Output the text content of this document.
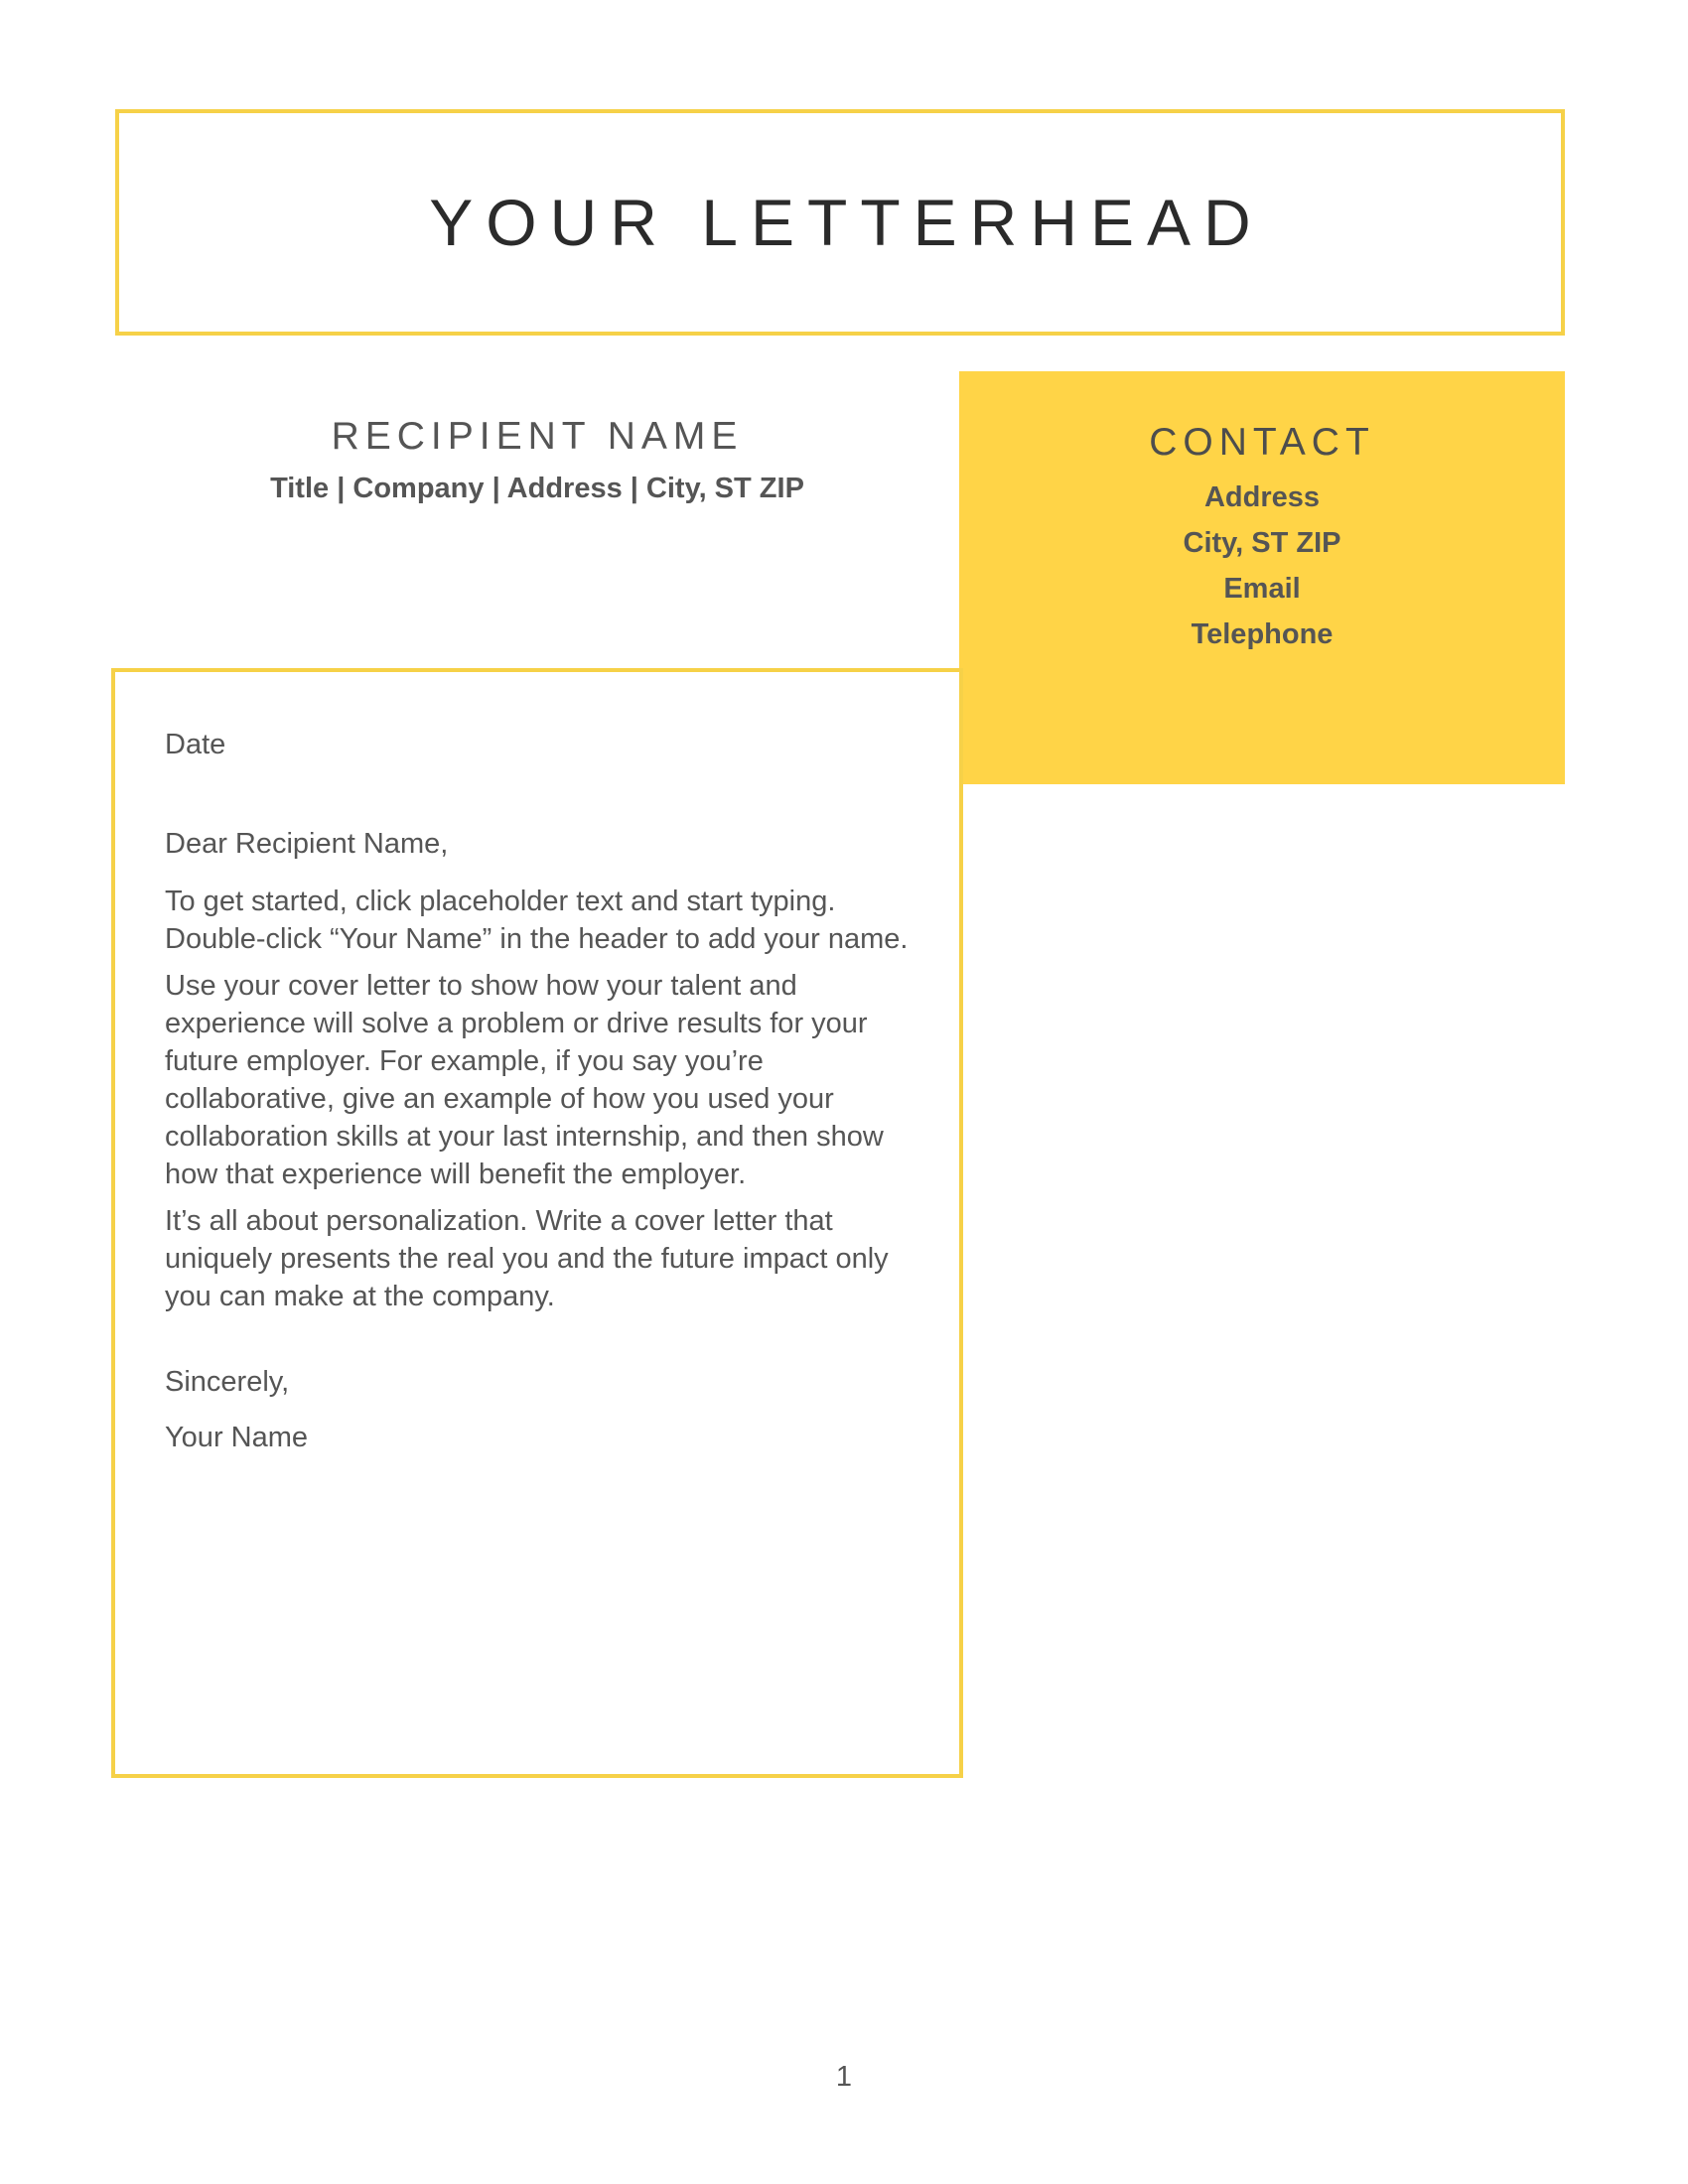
YOUR LETTERHEAD
RECIPIENT NAME
Title | Company | Address | City, ST ZIP
CONTACT
Address
City, ST ZIP
Email
Telephone

Date

Dear Recipient Name,

To get started, click placeholder text and start typing. Double-click “Your Name” in the header to add your name.

Use your cover letter to show how your talent and experience will solve a problem or drive results for your future employer. For example, if you say you’re collaborative, give an example of how you used your collaboration skills at your last internship, and then show how that experience will benefit the employer.

It’s all about personalization. Write a cover letter that uniquely presents the real you and the future impact only you can make at the company.

Sincerely,

Your Name

1
